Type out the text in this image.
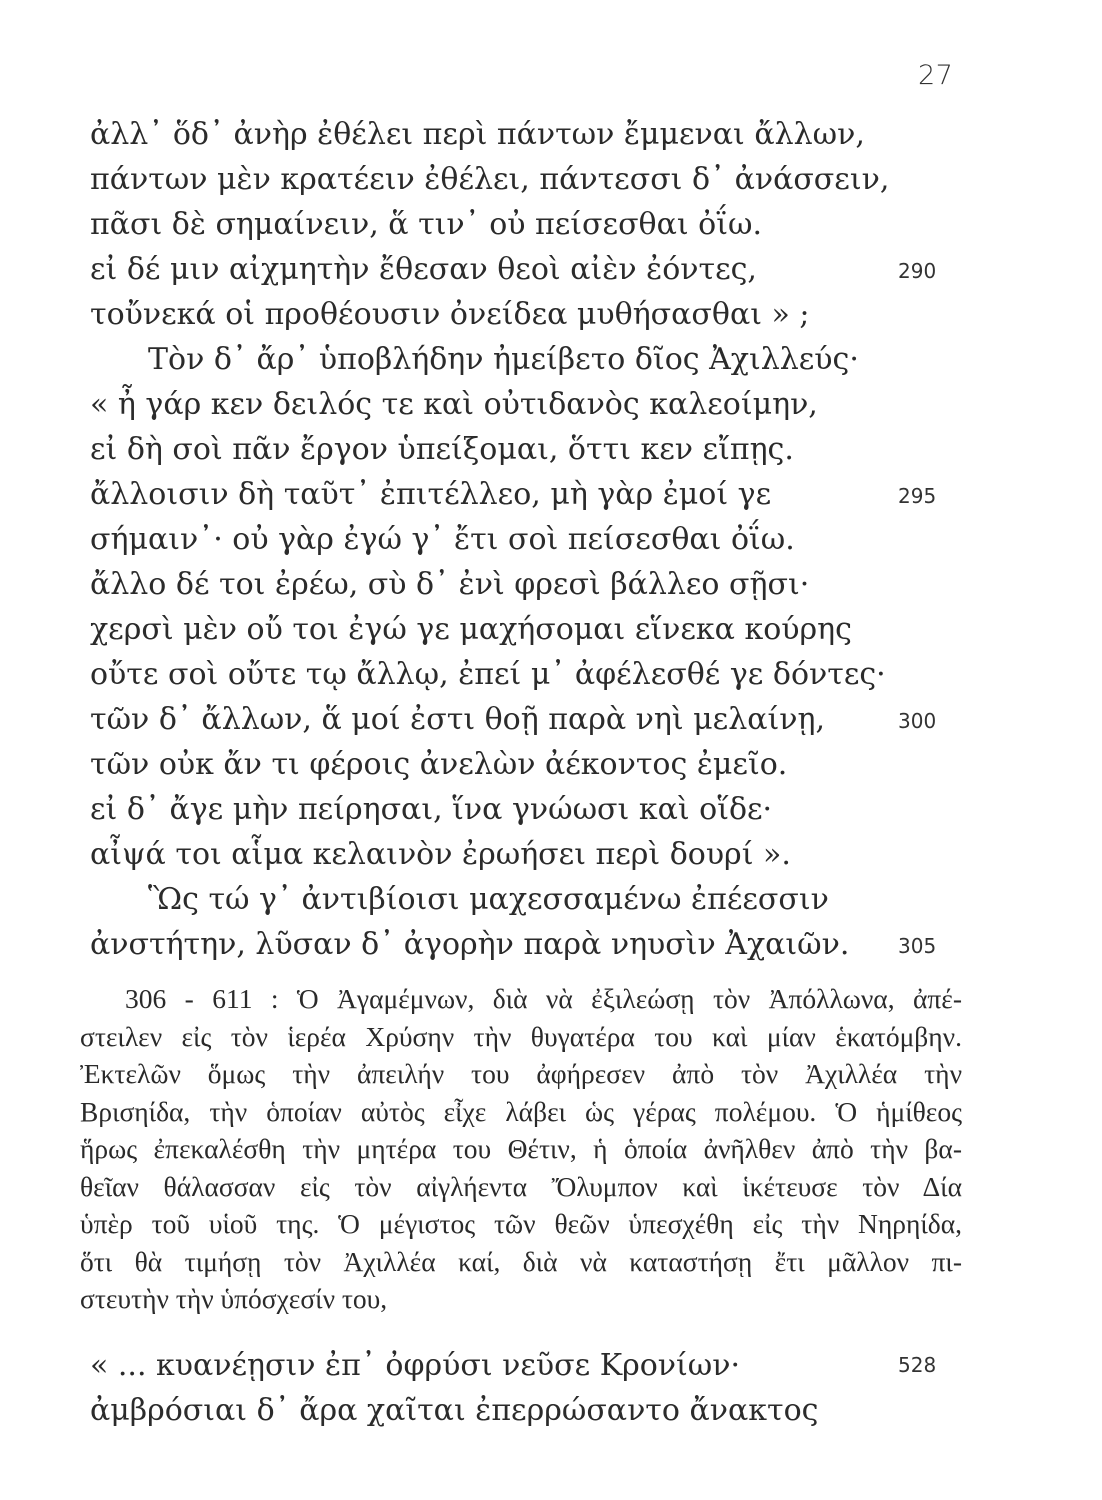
27
ἀλλ᾽ ὅδ᾽ ἀνὴρ ἐθέλει περὶ πάντων ἔμμεναι ἄλλων,
πάντων μὲν κρατέειν ἐθέλει, πάντεσσι δ᾽ ἀνάσσειν,
πᾶσι δὲ σημαίνειν, ἅ τιν᾽ οὐ πείσεσθαι ὀΐω.
εἰ δέ μιν αἰχμητὴν ἔθεσαν θεοὶ αἰὲν ἐόντες,	290
τοὔνεκά οἱ προθέουσιν ὀνείδεα μυθήσασθαι » ;
Τὸν δ᾽ ἄρ᾽ ὑποβλήδην ἠμείβετο δῖος Ἀχιλλεύς·
« ἦ γάρ κεν δειλός τε καὶ οὐτιδανὸς καλεοίμην,
εἰ δὴ σοὶ πᾶν ἔργον ὑπείξομαι, ὅττι κεν εἴπῃς.
ἄλλοισιν δὴ ταῦτ᾽ ἐπιτέλλεο, μὴ γὰρ ἐμοί γε	295
σήμαιν᾽· οὐ γὰρ ἐγώ γ᾽ ἔτι σοὶ πείσεσθαι ὀΐω.
ἄλλο δέ τοι ἐρέω, σὺ δ᾽ ἐνὶ φρεσὶ βάλλεο σῇσι·
χερσὶ μὲν οὔ τοι ἐγώ γε μαχήσομαι εἵνεκα κούρης
οὔτε σοὶ οὔτε τῳ ἄλλῳ, ἐπεί μ᾽ ἀφέλεσθέ γε δόντες·
τῶν δ᾽ ἄλλων, ἅ μοί ἐστι θοῇ παρὰ νηὶ μελαίνῃ,	300
τῶν οὐκ ἄν τι φέροις ἀνελὼν ἀέκοντος ἐμεῖο.
εἰ δ᾽ ἄγε μὴν πείρησαι, ἵνα γνώωσι καὶ οἵδε·
αἶψά τοι αἷμα κελαινὸν ἐρωήσει περὶ δουρί ».
Ὣς τώ γ᾽ ἀντιβίοισι μαχεσσαμένω ἐπέεσσιν
ἀνστήτην, λῦσαν δ᾽ ἀγορὴν παρὰ νηυσὶν Ἀχαιῶν. 305
306 - 611 : Ὁ Ἀγαμέμνων, διὰ νὰ ἐξιλεώσῃ τὸν Ἀπόλλωνα, ἀπέ-
στειλεν εἰς τὸν ἱερέα Χρύσην τὴν θυγατέρα του καὶ μίαν ἑκατόμβην.
Ἐκτελῶν ὅμως τὴν ἀπειλήν του ἀφήρεσεν ἀπὸ τὸν Ἀχιλλέα τὴν
Βρισηίδα, τὴν ὁποίαν αὐτὸς εἶχε λάβει ὡς γέρας πολέμου. Ὁ ἡμίθεος
ἥρως ἐπεκαλέσθη τὴν μητέρα του Θέτιν, ἡ ὁποία ἀνῆλθεν ἀπὸ τὴν βα-
θεῖαν θάλασσαν εἰς τὸν αἰγλήεντα Ὄλυμπον καὶ ἱκέτευσε τὸν Δία
ὑπὲρ τοῦ υἱοῦ της. Ὁ μέγιστος τῶν θεῶν ὑπεσχέθη εἰς τὴν Νηρηίδα,
ὅτι θὰ τιμήσῃ τὸν Ἀχιλλέα καί, διὰ νὰ καταστήσῃ ἔτι μᾶλλον πι-
στευτὴν τὴν ὑπόσχεσίν του,
« ... κυανέῃσιν ἐπ᾽ ὀφρύσι νεῦσε Κρονίων·	528
ἀμβρόσιαι δ᾽ ἄρα χαῖται ἐπερρώσαντο ἄνακτος
